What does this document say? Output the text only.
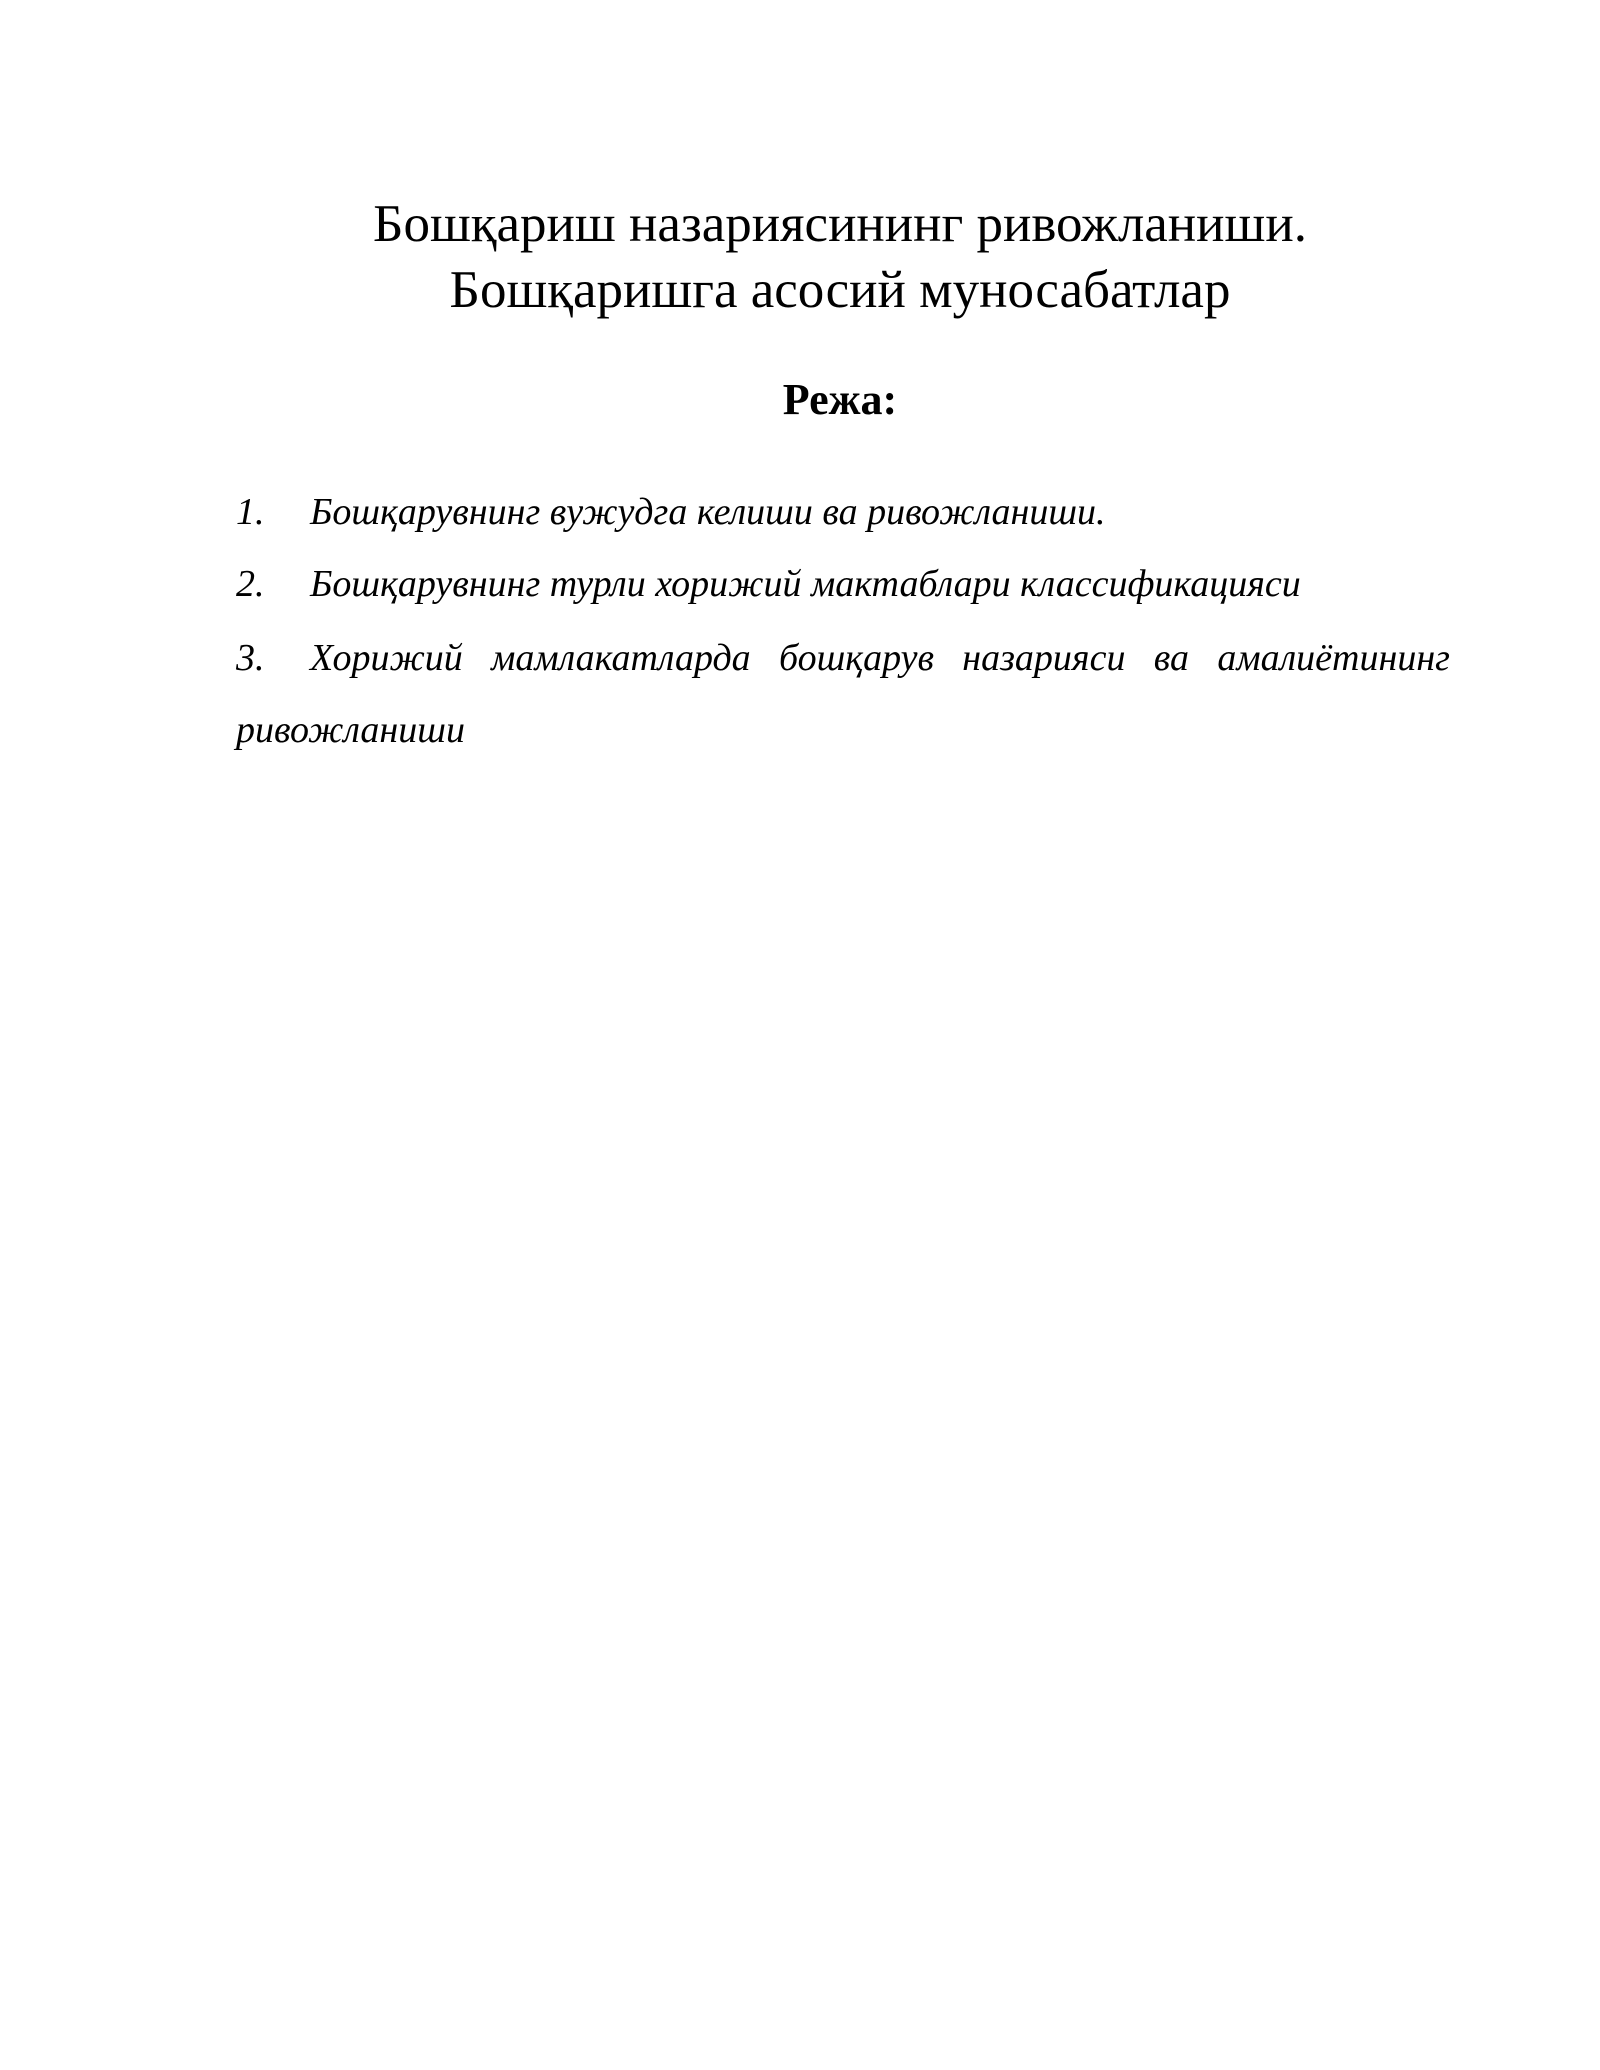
Бошқариш назариясининг ривожланиши.
Бошқаришга асосий муносабатлар
Режа:
1. Бошқарувнинг вужудга келиши ва ривожланиши.
2. Бошқарувнинг турли хорижий мактаблари классификацияси
3. Хорижий мамлакатларда бошқарув назарияси ва амалиётининг ривожланиши
